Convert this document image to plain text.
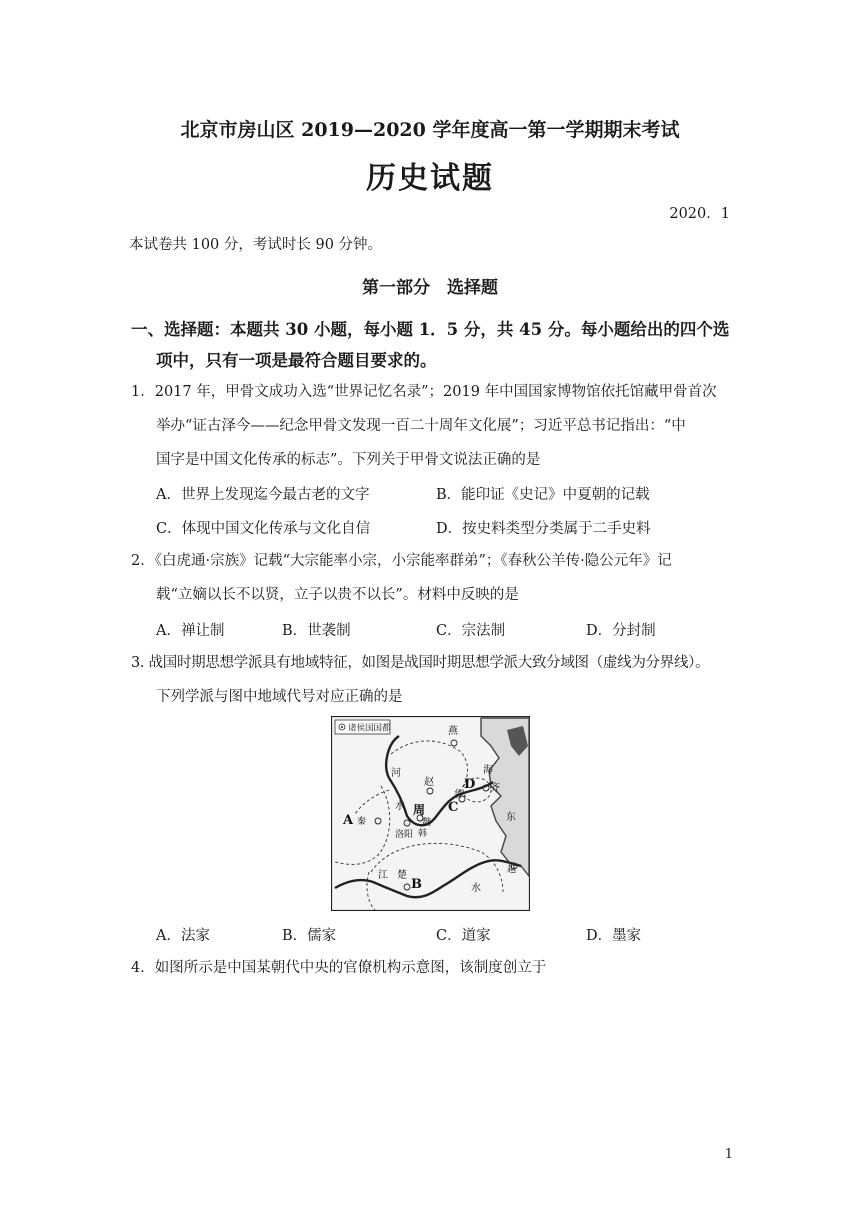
北京市房山区 2019—2020 学年度高一第一学期期末考试
历史试题
2020．1
本试卷共 100 分，考试时长 90 分钟。
第一部分　选择题
一、选择题：本题共 30 小题，每小题 1．5 分，共 45 分。每小题给出的四个选
项中，只有一项是最符合题目要求的。
1．2017 年，甲骨文成功入选“世界记忆名录”；2019 年中国国家博物馆依托馆藏甲骨首次
举办“证古泽今——纪念甲骨文发现一百二十周年文化展”；习近平总书记指出：“中
国字是中国文化传承的标志”。下列关于甲骨文说法正确的是
A．世界上发现迄今最古老的文字	B．能印证《史记》中夏朝的记载
C．体现中国文化传承与文化自信	D．按史料类型分类属于二手史料
2．《白虎通·宗族》记载“大宗能率小宗，小宗能率群弟”；《春秋公羊传·隐公元年》记
载“立嫡以长不以贤，立子以贵不以长”。材料中反映的是
A．禅让制	B．世袭制	C．宗法制	D．分封制
3. 战国时期思想学派具有地域特征，如图是战国时期思想学派大致分域图（虚线为分界线）。
下列学派与图中地域代号对应正确的是
诸侯国国都	燕
河
赵
海
D 齐
鲁
C
水 周
魏
洛阳 韩
东
A 秦
江 楚
B	水
越
A．法家	B．儒家	C．道家	D．墨家
4．如图所示是中国某朝代中央的官僚机构示意图，该制度创立于
1
